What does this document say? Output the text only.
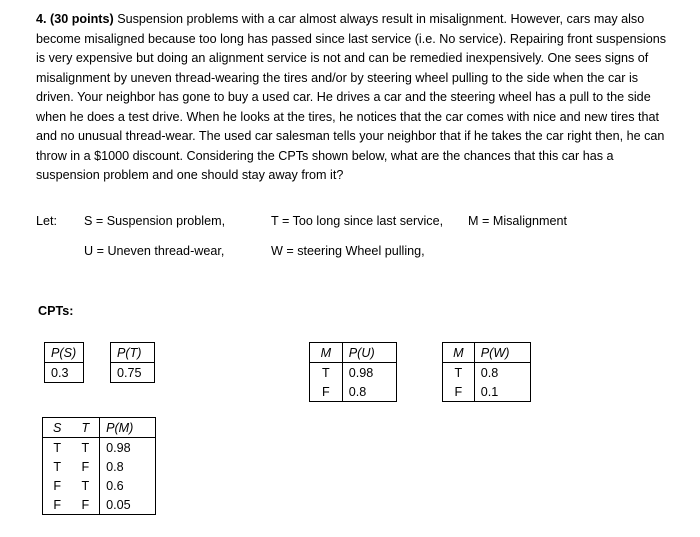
4. (30 points) Suspension problems with a car almost always result in misalignment. However, cars may also become misaligned because too long has passed since last service (i.e. No service). Repairing front suspensions is very expensive but doing an alignment service is not and can be remedied inexpensively. One sees signs of misalignment by uneven thread-wearing the tires and/or by steering wheel pulling to the side when the car is driven. Your neighbor has gone to buy a used car. He drives a car and the steering wheel has a pull to the side when he does a test drive. When he looks at the tires, he notices that the car comes with nice and new tires that and no unusual thread-wear. The used car salesman tells your neighbor that if he takes the car right then, he can throw in a $1000 discount. Considering the CPTs shown below, what are the chances that this car has a suspension problem and one should stay away from it?

Let: S = Suspension problem,	T = Too long since last service, M = Misalignment
U = Uneven thread-wear,	W = steering Wheel pulling,
CPTs:
P(S)
0.3
P(T)
0.75
M	P(U)
T	0.98
F	0.8
M	P(W)
T	0.8
F	0.1
S	T	P(M)
T	T	0.98
T	F	0.8
F	T	0.6
F	F	0.05
